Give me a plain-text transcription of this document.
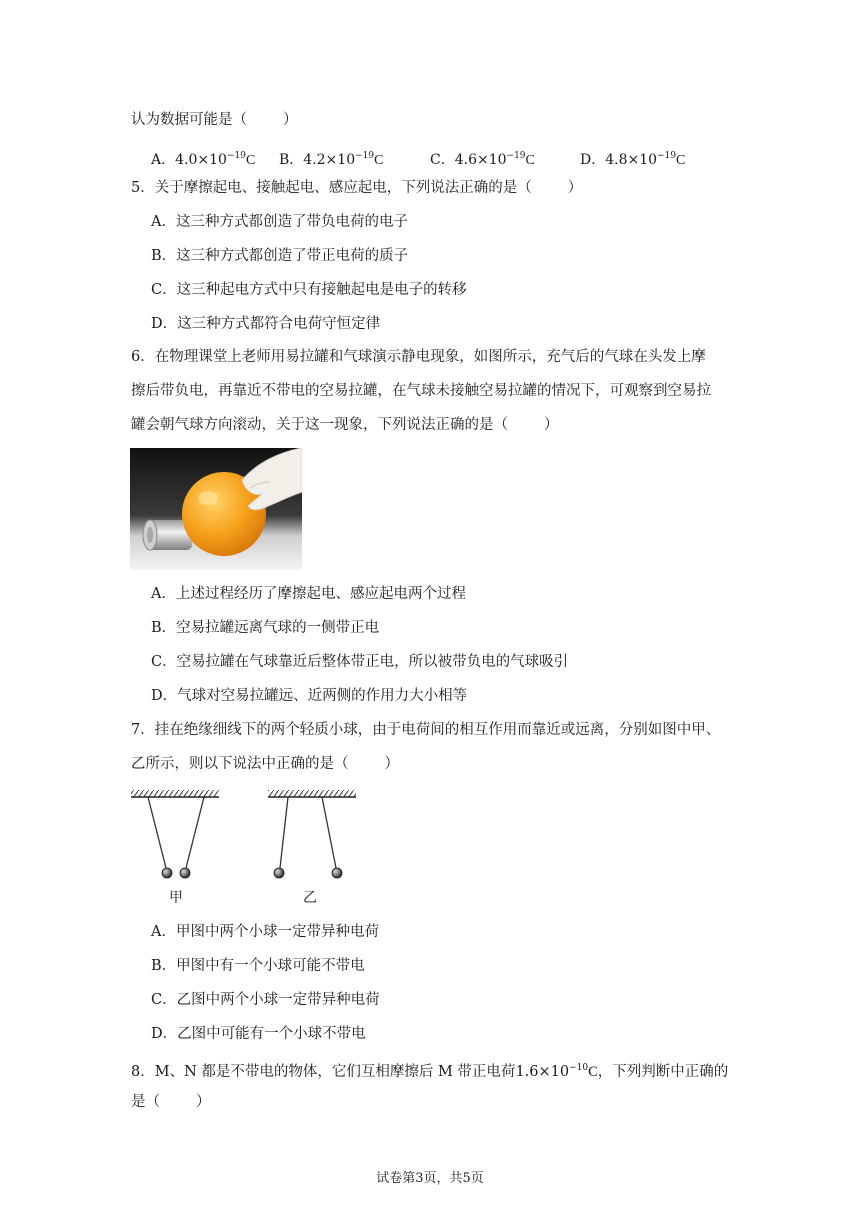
认为数据可能是（ ）
A．$4.0\times 10^{-19}C$ B．$4.2\times 10^{-19}C$	C．$4.6\times 10^{-19}C$	D．$4.8\times 10^{-19}C$
5．关于摩擦起电、接触起电、感应起电，下列说法正确的是（ ）
A．这三种方式都创造了带负电荷的电子
B．这三种方式都创造了带正电荷的质子
C．这三种起电方式中只有接触起电是电子的转移
D．这三种方式都符合电荷守恒定律
6．在物理课堂上老师用易拉罐和气球演示静电现象，如图所示，充气后的气球在头发上摩
擦后带负电，再靠近不带电的空易拉罐，在气球未接触空易拉罐的情况下，可观察到空易拉
罐会朝气球方向滚动，关于这一现象，下列说法正确的是（ ）
A．上述过程经历了摩擦起电、感应起电两个过程
B．空易拉罐远离气球的一侧带正电
C．空易拉罐在气球靠近后整体带正电，所以被带负电的气球吸引
D．气球对空易拉罐远、近两侧的作用力大小相等
7．挂在绝缘细线下的两个轻质小球，由于电荷间的相互作用而靠近或远离，分别如图中甲、
乙所示，则以下说法中正确的是（ ）
甲	乙
A．甲图中两个小球一定带异种电荷
B．甲图中有一个小球可能不带电
C．乙图中两个小球一定带异种电荷
D．乙图中可能有一个小球不带电
8．M、N 都是不带电的物体，它们互相摩擦后 M 带正电荷$1.6\times 10^{-10}C$，下列判断中正确的
是（ ）
试卷第3页，共5页
